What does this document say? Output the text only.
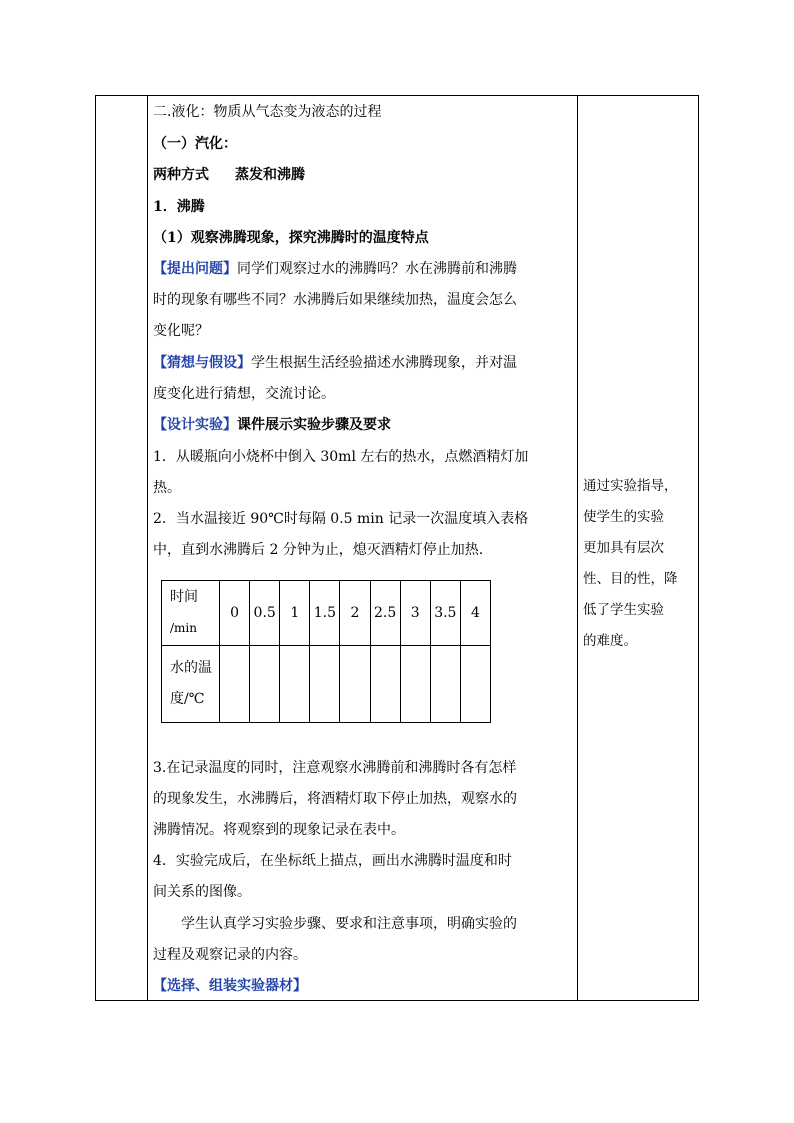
二.液化：物质从气态变为液态的过程
（一）汽化：
两种方式 蒸发和沸腾
1．沸腾
（1）观察沸腾现象，探究沸腾时的温度特点
【提出问题】同学们观察过水的沸腾吗？水在沸腾前和沸腾
时的现象有哪些不同？水沸腾后如果继续加热，温度会怎么
变化呢？
【猜想与假设】学生根据生活经验描述水沸腾现象，并对温
度变化进行猜想，交流讨论。
【设计实验】课件展示实验步骤及要求
1．从暖瓶向小烧杯中倒入 30ml 左右的热水，点燃酒精灯加
热。
2．当水温接近 90℃时每隔 0.5 min 记录一次温度填入表格
中，直到水沸腾后 2 分钟为止，熄灭酒精灯停止加热.
时间
/min	0	0.5	1	1.5	2	2.5	3	3.5	4
水的温
度/℃									
3.在记录温度的同时，注意观察水沸腾前和沸腾时各有怎样
的现象发生，水沸腾后，将酒精灯取下停止加热，观察水的
沸腾情况。将观察到的现象记录在表中。
4．实验完成后，在坐标纸上描点，画出水沸腾时温度和时
间关系的图像。
学生认真学习实验步骤、要求和注意事项，明确实验的
过程及观察记录的内容。
【选择、组装实验器材】
通过实验指导，
使学生的实验
更加具有层次
性、目的性，降
低了学生实验
的难度。
